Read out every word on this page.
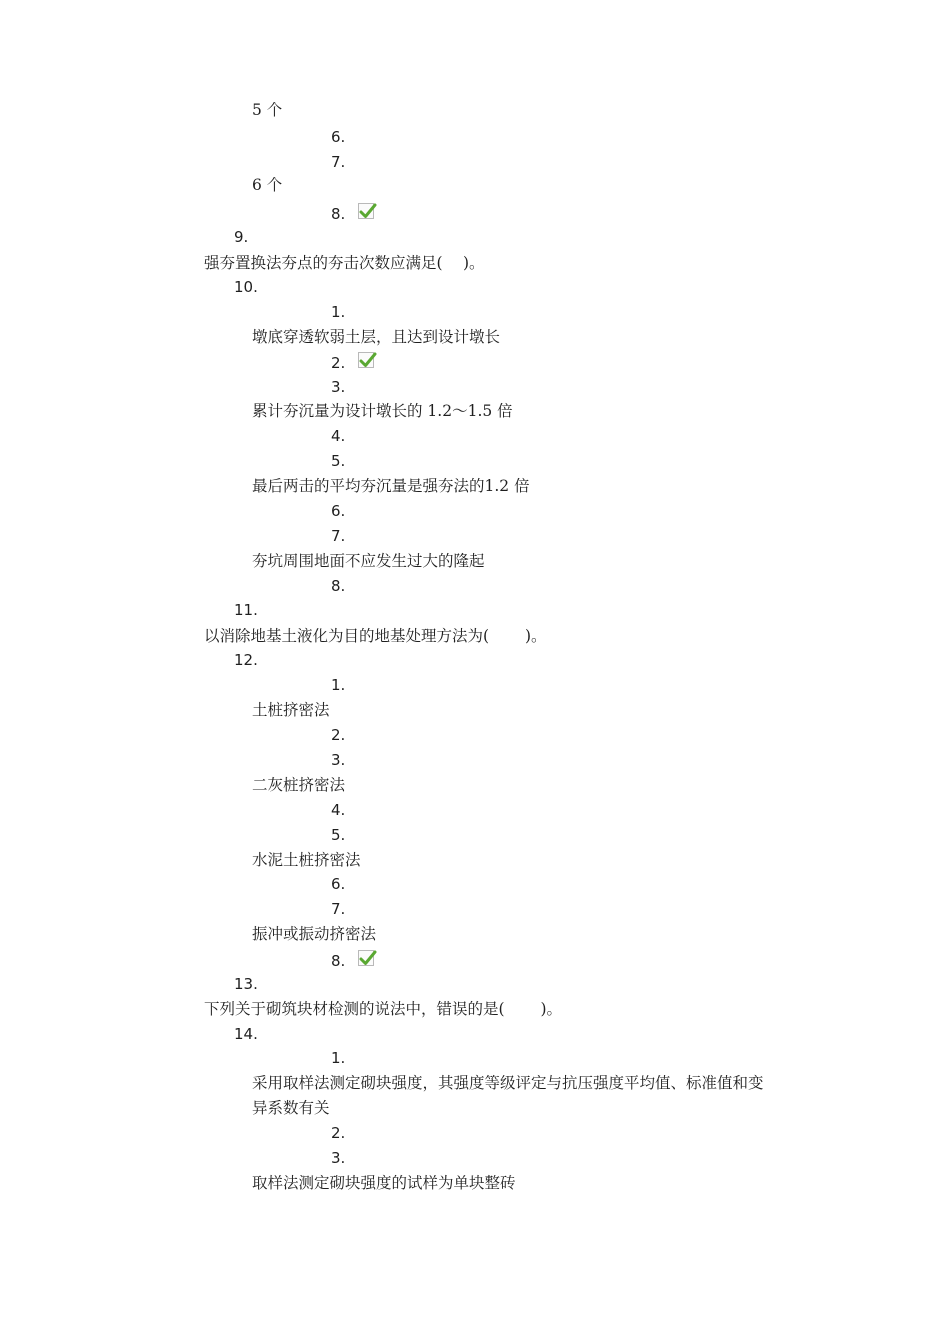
5 个
6.
7.
6 个
8.
9.
强夯置换法夯点的夯击次数应满足(　 )。
10.
1.
墩底穿透软弱土层，且达到设计墩长
2.
3.
累计夯沉量为设计墩长的 1.2～1.5 倍
4.
5.
最后两击的平均夯沉量是强夯法的1.2 倍
6.
7.
夯坑周围地面不应发生过大的隆起
8.
11.
以消除地基土液化为目的地基处理方法为(　 　)。
12.
1.
土桩挤密法
2.
3.
二灰桩挤密法
4.
5.
水泥土桩挤密法
6.
7.
振冲或振动挤密法
8.
13.
下列关于砌筑块材检测的说法中，错误的是(　 　)。
14.
1.
采用取样法测定砌块强度，其强度等级评定与抗压强度平均值、标准值和变
异系数有关
2.
3.
取样法测定砌块强度的试样为单块整砖
